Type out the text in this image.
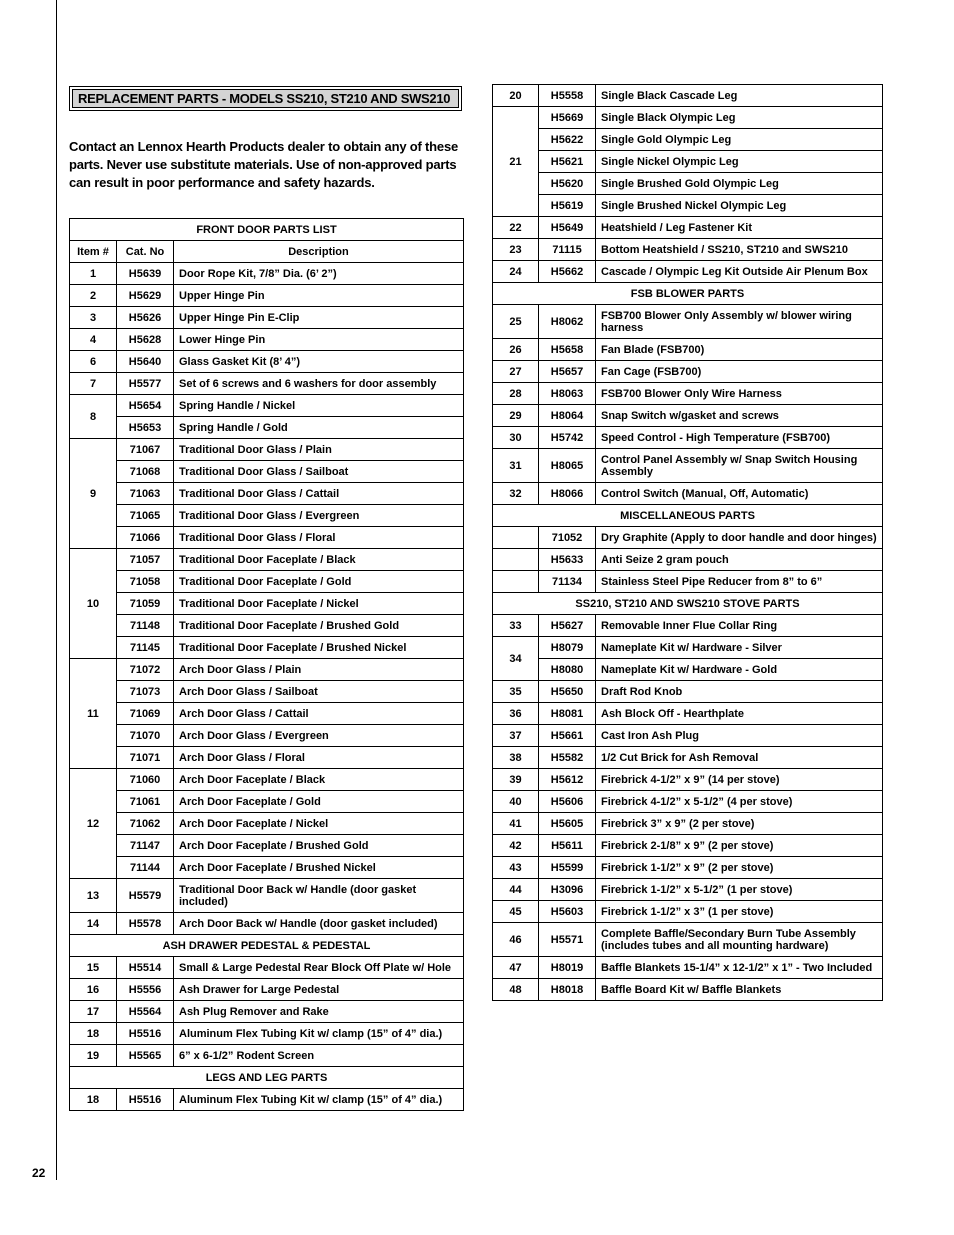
REPLACEMENT PARTS - MODELS SS210, ST210 AND SWS210

Contact an Lennox Hearth Products dealer to obtain any of these parts. Never use substitute materials. Use of non-approved parts can result in poor performance and safety hazards.

FRONT DOOR PARTS LIST		
Item #	Cat. No	Description
1	H5639	Door Rope Kit, 7/8” Dia. (6’ 2”)
2	H5629	Upper Hinge Pin
3	H5626	Upper Hinge Pin E-Clip
4	H5628	Lower Hinge Pin
6	H5640	Glass Gasket Kit (8’ 4”)
7	H5577	Set of 6 screws and 6 washers for door assembly
8	H5654	Spring Handle / Nickel
	H5653	Spring Handle / Gold
9	71067	Traditional Door Glass / Plain
	71068	Traditional Door Glass / Sailboat
	71063	Traditional Door Glass / Cattail
	71065	Traditional Door Glass / Evergreen
	71066	Traditional Door Glass / Floral
10	71057	Traditional Door Faceplate / Black
	71058	Traditional Door Faceplate / Gold
	71059	Traditional Door Faceplate / Nickel
	71148	Traditional Door Faceplate / Brushed Gold
	71145	Traditional Door Faceplate / Brushed Nickel
11	71072	Arch Door Glass / Plain
	71073	Arch Door Glass / Sailboat
	71069	Arch Door Glass / Cattail
	71070	Arch Door Glass / Evergreen
	71071	Arch Door Glass / Floral
12	71060	Arch Door Faceplate / Black
	71061	Arch Door Faceplate / Gold
	71062	Arch Door Faceplate / Nickel
	71147	Arch Door Faceplate / Brushed Gold
	71144	Arch Door Faceplate / Brushed Nickel
13	H5579	Traditional Door Back w/ Handle (door gasket included)
14	H5578	Arch Door Back w/ Handle (door gasket included)
ASH DRAWER PEDESTAL & PEDESTAL		
15	H5514	Small & Large Pedestal Rear Block Off Plate w/ Hole
16	H5556	Ash Drawer for Large Pedestal
17	H5564	Ash Plug Remover and Rake
18	H5516	Aluminum Flex Tubing Kit w/ clamp (15” of 4” dia.)
19	H5565	6” x 6-1/2” Rodent Screen
LEGS AND LEG PARTS		
18	H5516	Aluminum Flex Tubing Kit w/ clamp (15” of 4” dia.)
20	H5558	Single Black Cascade Leg
21	H5669	Single Black Olympic Leg
	H5622	Single Gold Olympic Leg
	H5621	Single Nickel Olympic Leg
	H5620	Single Brushed Gold Olympic Leg
	H5619	Single Brushed Nickel Olympic Leg
22	H5649	Heatshield / Leg Fastener Kit
23	71115	Bottom Heatshield / SS210, ST210 and SWS210
24	H5662	Cascade / Olympic Leg Kit Outside Air Plenum Box
FSB BLOWER PARTS		
25	H8062	FSB700 Blower Only Assembly w/ blower wiring harness
26	H5658	Fan Blade (FSB700)
27	H5657	Fan Cage (FSB700)
28	H8063	FSB700 Blower Only Wire Harness
29	H8064	Snap Switch w/gasket and screws
30	H5742	Speed Control - High Temperature (FSB700)
31	H8065	Control Panel Assembly w/ Snap Switch Housing Assembly
32	H8066	Control Switch (Manual, Off, Automatic)
MISCELLANEOUS PARTS		
	71052	Dry Graphite (Apply to door handle and door hinges)
	H5633	Anti Seize 2 gram pouch
	71134	Stainless Steel Pipe Reducer from 8” to 6”
SS210, ST210 AND SWS210 STOVE PARTS		
33	H5627	Removable Inner Flue Collar Ring
34	H8079	Nameplate Kit w/ Hardware - Silver
	H8080	Nameplate Kit w/ Hardware - Gold
35	H5650	Draft Rod Knob
36	H8081	Ash Block Off - Hearthplate
37	H5661	Cast Iron Ash Plug
38	H5582	1/2 Cut Brick for Ash Removal
39	H5612	Firebrick 4-1/2” x 9” (14 per stove)
40	H5606	Firebrick 4-1/2” x 5-1/2” (4 per stove)
41	H5605	Firebrick 3” x 9” (2 per stove)
42	H5611	Firebrick 2-1/8” x 9” (2 per stove)
43	H5599	Firebrick 1-1/2” x 9” (2 per stove)
44	H3096	Firebrick 1-1/2” x 5-1/2” (1 per stove)
45	H5603	Firebrick 1-1/2” x 3” (1 per stove)
46	H5571	Complete Baffle/Secondary Burn Tube Assembly (includes tubes and all mounting hardware)
47	H8019	Baffle Blankets 15-1/4” x 12-1/2” x 1” - Two Included
48	H8018	Baffle Board Kit w/ Baffle Blankets
22
